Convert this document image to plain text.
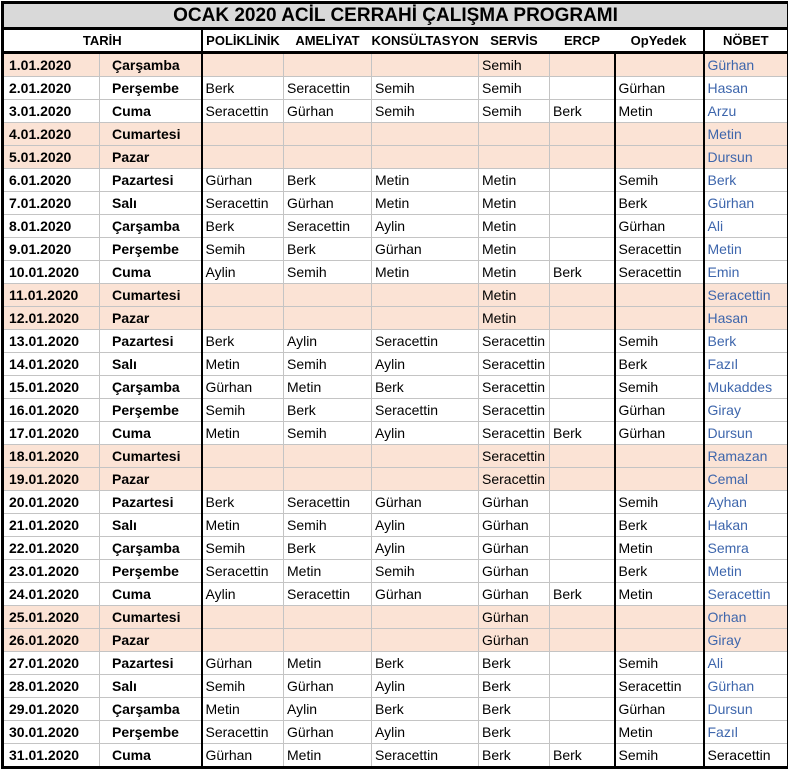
OCAK 2020 ACİL CERRAHİ ÇALIŞMA PROGRAMI								
TARİH		POLİKLİNİK	AMELİYAT	KONSÜLTASYON	SERVİS	ERCP	OpYedek	NÖBET
1.01.2020	Çarşamba				Semih			Gürhan
2.01.2020	Perşembe	Berk	Seracettin	Semih	Semih		Gürhan	Hasan
3.01.2020	Cuma	Seracettin	Gürhan	Semih	Semih	Berk	Metin	Arzu
4.01.2020	Cumartesi							Metin
5.01.2020	Pazar							Dursun
6.01.2020	Pazartesi	Gürhan	Berk	Metin	Metin		Semih	Berk
7.01.2020	Salı	Seracettin	Gürhan	Metin	Metin		Berk	Gürhan
8.01.2020	Çarşamba	Berk	Seracettin	Aylin	Metin		Gürhan	Ali
9.01.2020	Perşembe	Semih	Berk	Gürhan	Metin		Seracettin	Metin
10.01.2020	Cuma	Aylin	Semih	Metin	Metin	Berk	Seracettin	Emin
11.01.2020	Cumartesi				Metin			Seracettin
12.01.2020	Pazar				Metin			Hasan
13.01.2020	Pazartesi	Berk	Aylin	Seracettin	Seracettin		Semih	Berk
14.01.2020	Salı	Metin	Semih	Aylin	Seracettin		Berk	Fazıl
15.01.2020	Çarşamba	Gürhan	Metin	Berk	Seracettin		Semih	Mukaddes
16.01.2020	Perşembe	Semih	Berk	Seracettin	Seracettin		Gürhan	Giray
17.01.2020	Cuma	Metin	Semih	Aylin	Seracettin	Berk	Gürhan	Dursun
18.01.2020	Cumartesi				Seracettin			Ramazan
19.01.2020	Pazar				Seracettin			Cemal
20.01.2020	Pazartesi	Berk	Seracettin	Gürhan	Gürhan		Semih	Ayhan
21.01.2020	Salı	Metin	Semih	Aylin	Gürhan		Berk	Hakan
22.01.2020	Çarşamba	Semih	Berk	Aylin	Gürhan		Metin	Semra
23.01.2020	Perşembe	Seracettin	Metin	Semih	Gürhan		Berk	Metin
24.01.2020	Cuma	Aylin	Seracettin	Gürhan	Gürhan	Berk	Metin	Seracettin
25.01.2020	Cumartesi				Gürhan			Orhan
26.01.2020	Pazar				Gürhan			Giray
27.01.2020	Pazartesi	Gürhan	Metin	Berk	Berk		Semih	Ali
28.01.2020	Salı	Semih	Gürhan	Aylin	Berk		Seracettin	Gürhan
29.01.2020	Çarşamba	Metin	Aylin	Berk	Berk		Gürhan	Dursun
30.01.2020	Perşembe	Seracettin	Gürhan	Aylin	Berk		Metin	Fazıl
31.01.2020	Cuma	Gürhan	Metin	Seracettin	Berk	Berk	Semih	Seracettin
